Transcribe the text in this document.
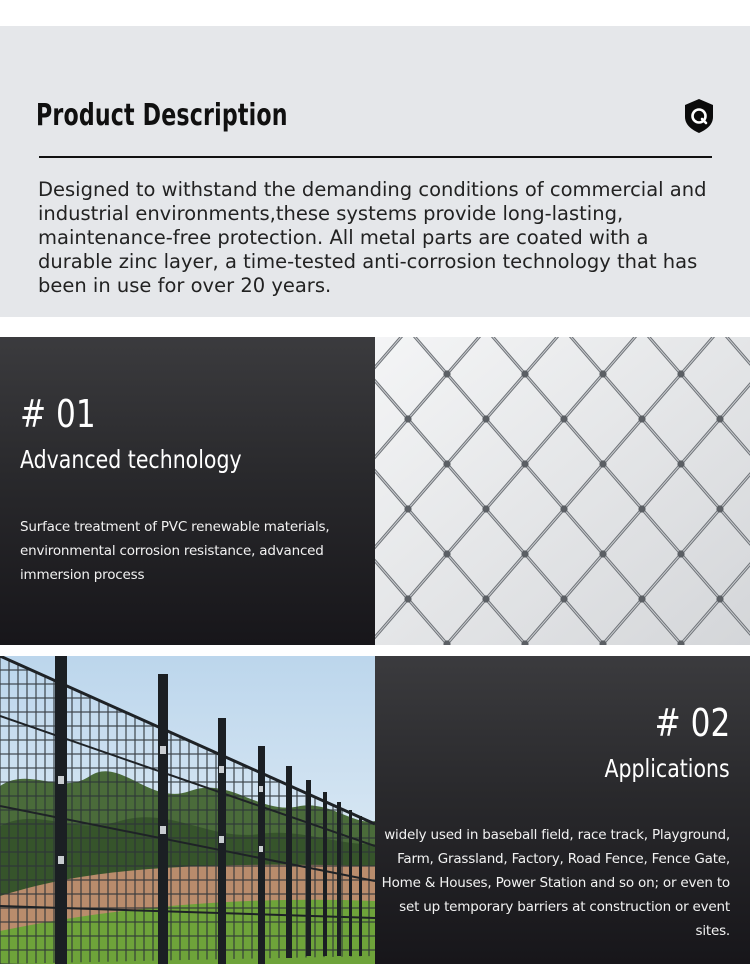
Product Description

Designed to withstand the demanding conditions of commercial and industrial environments,these systems provide long-lasting, maintenance-free protection. All metal parts are coated with a durable zinc layer, a time-tested anti-corrosion technology that has been in use for over 20 years.

# 01
Advanced technology

Surface treatment of PVC renewable materials, environmental corrosion resistance, advanced immersion process

# 02
Applications

widely used in baseball field, race track, Playground, Farm, Grassland, Factory, Road Fence, Fence Gate, Home & Houses, Power Station and so on; or even to set up temporary barriers at construction or event sites.
